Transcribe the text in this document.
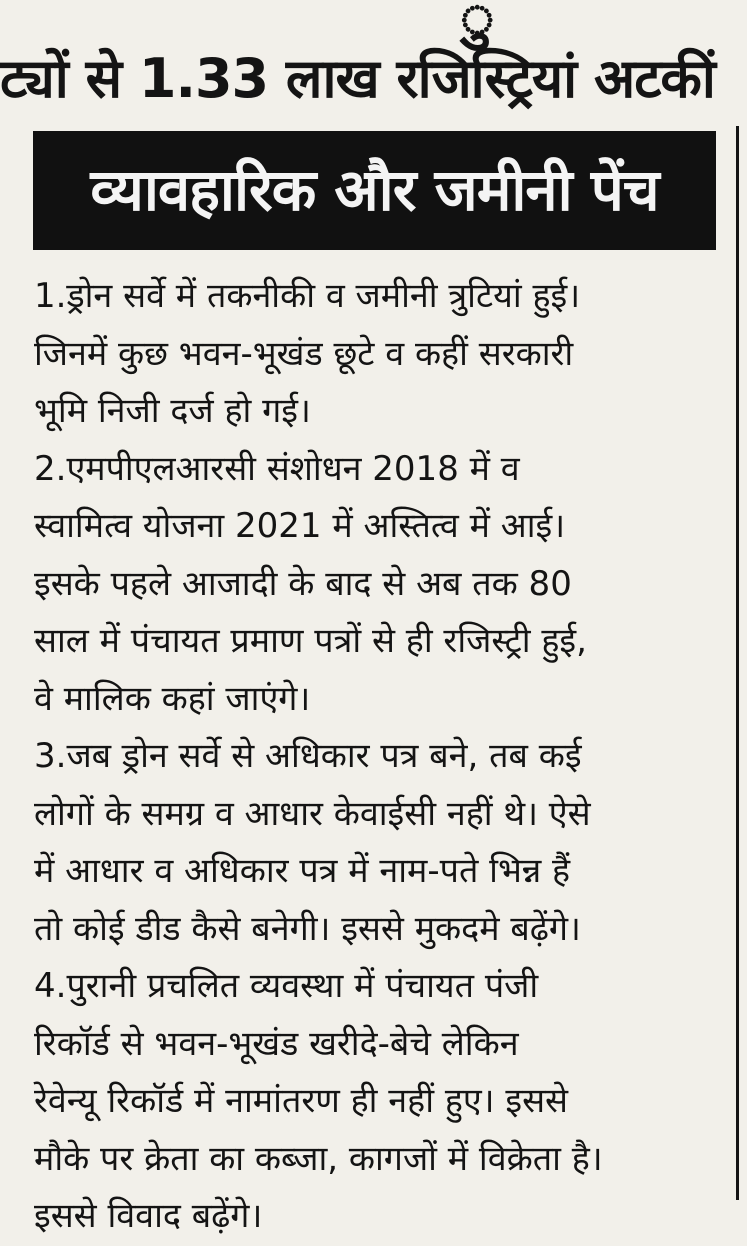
ु
ट्यों से 1.33 लाख रजिस्ट्रियां अटकीं
व्यावहारिक और जमीनी पेंच
1.ड्रोन सर्वे में तकनीकी व जमीनी त्रुटियां हुई।
जिनमें कुछ भवन-भूखंड छूटे व कहीं सरकारी
भूमि निजी दर्ज हो गई।
2.एमपीएलआरसी संशोधन 2018 में व
स्वामित्व योजना 2021 में अस्तित्व में आई।
इसके पहले आजादी के बाद से अब तक 80
साल में पंचायत प्रमाण पत्रों से ही रजिस्ट्री हुई,
वे मालिक कहां जाएंगे।
3.जब ड्रोन सर्वे से अधिकार पत्र बने, तब कई
लोगों के समग्र व आधार केवाईसी नहीं थे। ऐसे
में आधार व अधिकार पत्र में नाम-पते भिन्न हैं
तो कोई डीड कैसे बनेगी। इससे मुकदमे बढ़ेंगे।
4.पुरानी प्रचलित व्यवस्था में पंचायत पंजी
रिकॉर्ड से भवन-भूखंड खरीदे-बेचे लेकिन
रेवेन्यू रिकॉर्ड में नामांतरण ही नहीं हुए। इससे
मौके पर क्रेता का कब्जा, कागजों में विक्रेता है।
इससे विवाद बढ़ेंगे।
